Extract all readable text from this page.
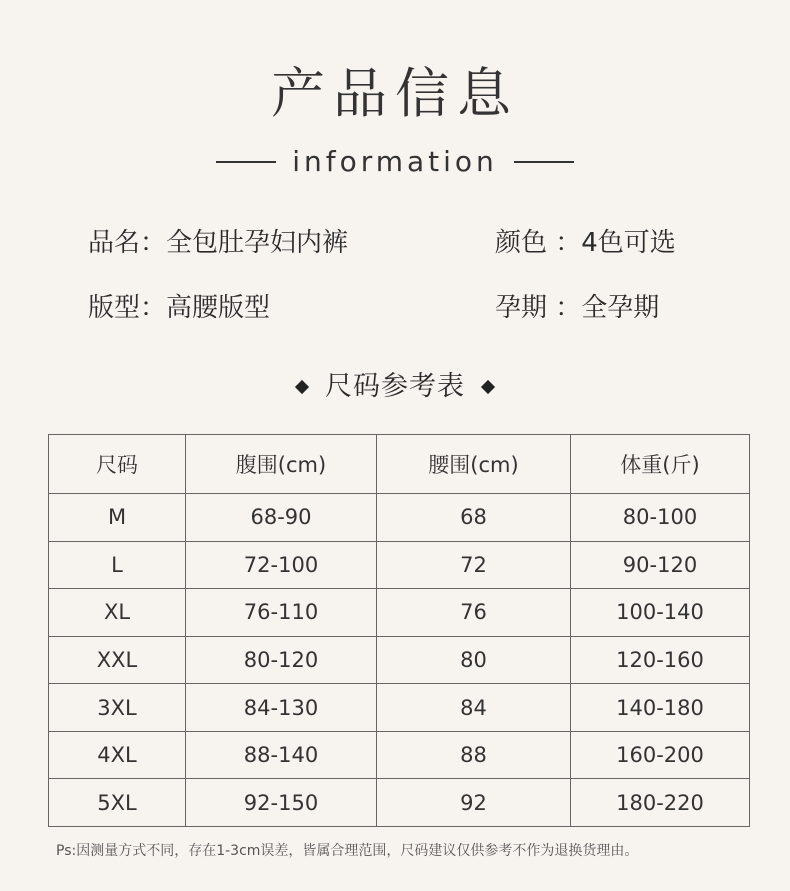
产品信息
information
品名：全包肚孕妇内裤
版型：高腰版型
颜色 ：4色可选
孕期 ：全孕期
尺码参考表
尺码	腹围(cm)	腰围(cm)	体重(斤)
M	68-90	68	80-100
L	72-100	72	90-120
XL	76-110	76	100-140
XXL	80-120	80	120-160
3XL	84-130	84	140-180
4XL	88-140	88	160-200
5XL	92-150	92	180-220
Ps:因测量方式不同，存在1-3cm误差，皆属合理范围，尺码建议仅供参考不作为退换货理由。
